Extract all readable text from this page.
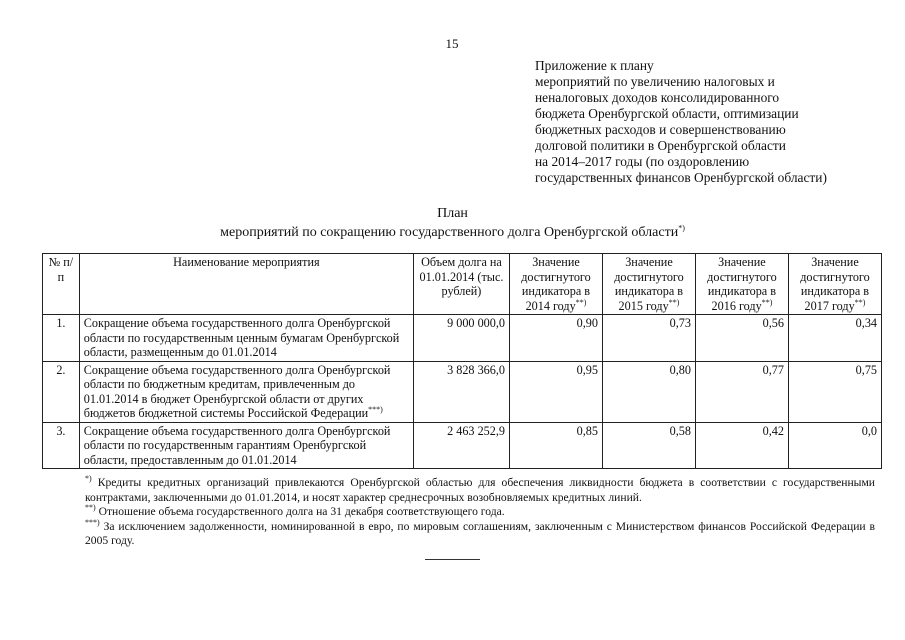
15
Приложение к плану
мероприятий по увеличению налоговых и
неналоговых доходов консолидированного
бюджета Оренбургской области, оптимизации
бюджетных расходов и совершенствованию
долговой политики в Оренбургской области
на 2014–2017 годы (по оздоровлению
государственных финансов Оренбургской области)
План
мероприятий по сокращению государственного долга Оренбургской области*)
№ п/п	Наименование мероприятия	Объем долга на 01.01.2014 (тыс. рублей)	Значение достигнутого индикатора в 2014 году**)	Значение достигнутого индикатора в 2015 году**)	Значение достигнутого индикатора в 2016 году**)	Значение достигнутого индикатора в 2017 году**)
1.	Сокращение объема государственного долга Оренбургской области по государственным ценным бумагам Оренбургской области, размещенным до 01.01.2014	9 000 000,0	0,90	0,73	0,56	0,34
2.	Сокращение объема государственного долга Оренбургской области по бюджетным кредитам, привлеченным до 01.01.2014 в бюджет Оренбургской области от других бюджетов бюджетной системы Российской Федерации***)	3 828 366,0	0,95	0,80	0,77	0,75
3.	Сокращение объема государственного долга Оренбургской области по государственным гарантиям Оренбургской области, предоставленным до 01.01.2014	2 463 252,9	0,85	0,58	0,42	0,0

*) Кредиты кредитных организаций привлекаются Оренбургской областью для обеспечения ликвидности бюджета в соответствии с государственными контрактами, заключенными до 01.01.2014, и носят характер среднесрочных возобновляемых кредитных линий.

**) Отношение объема государственного долга на 31 декабря соответствующего года.

***) За исключением задолженности, номинированной в евро, по мировым соглашениям, заключенным с Министерством финансов Российской Федерации в 2005 году.
